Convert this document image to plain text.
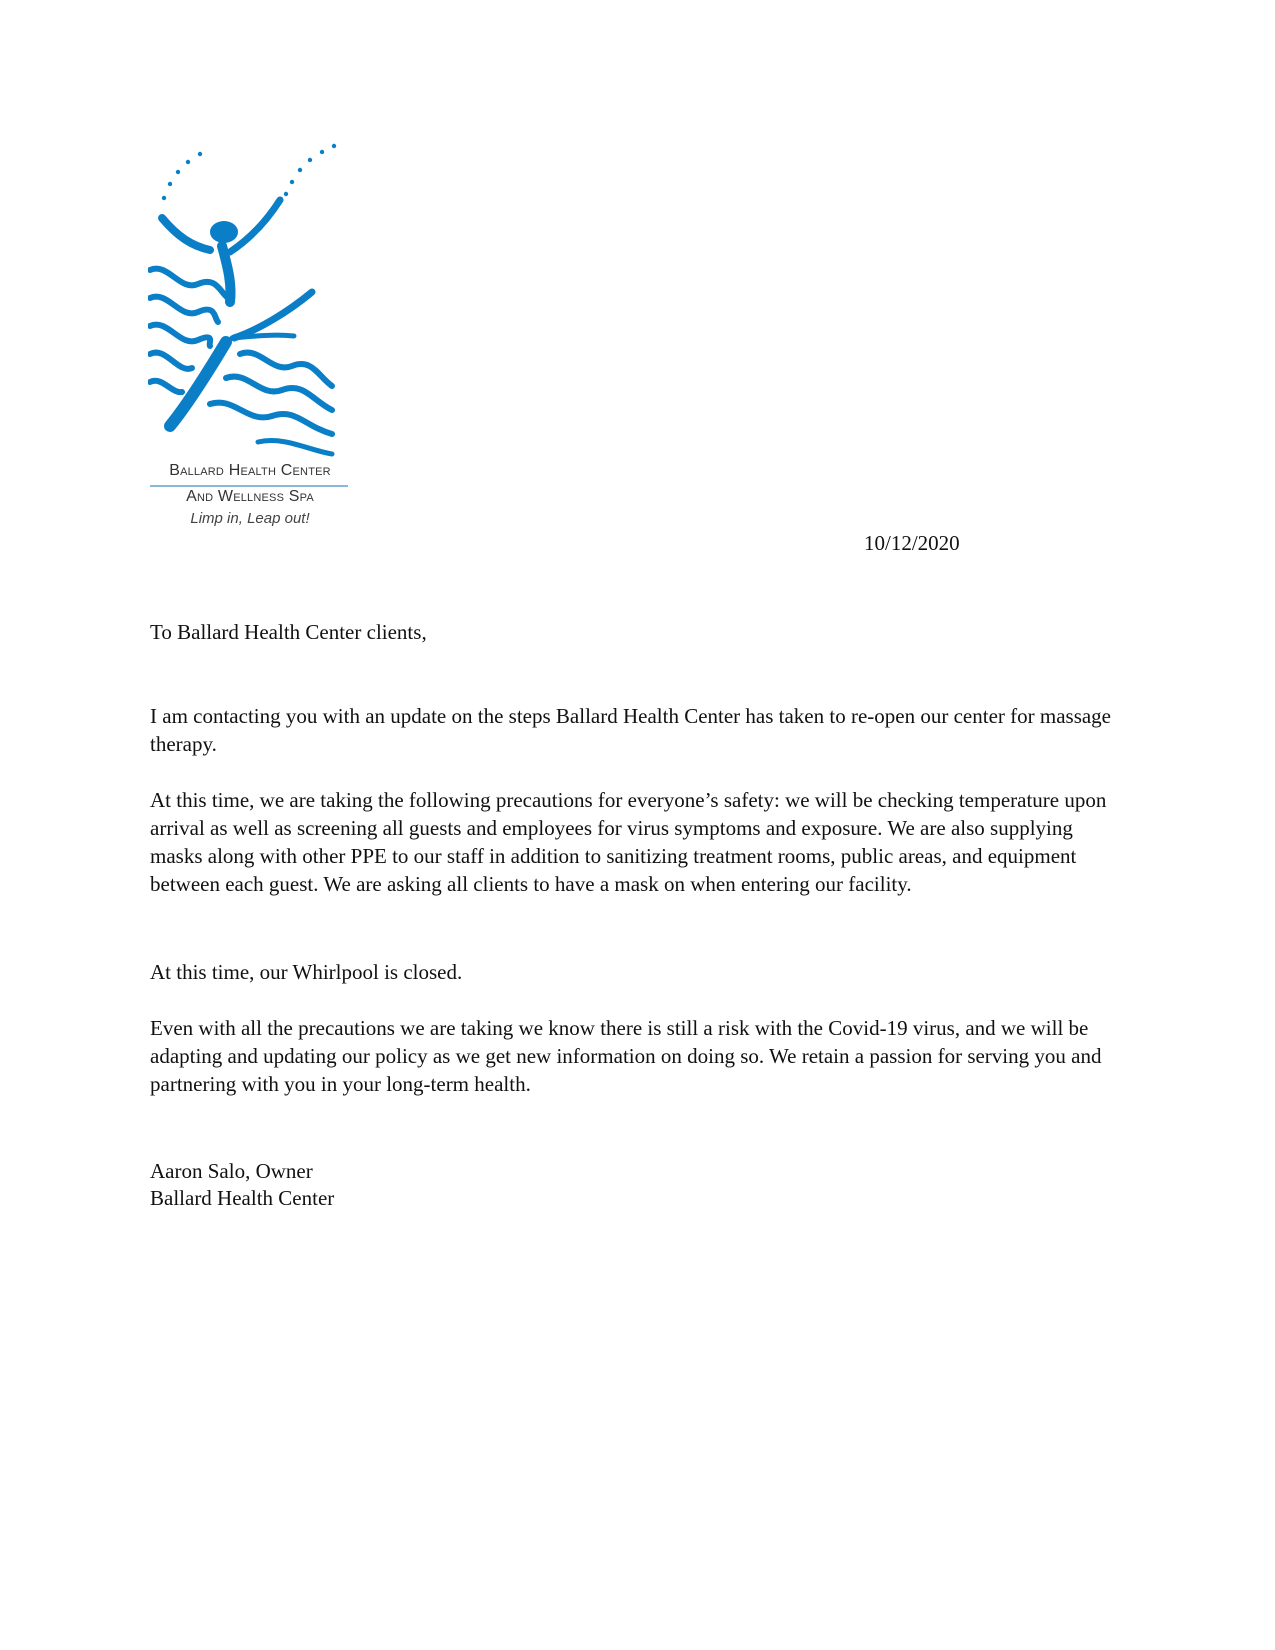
Ballard Health Center
And Wellness Spa
Limp in, Leap out!
10/12/2020

To Ballard Health Center clients,

I am contacting you with an update on the steps Ballard Health Center has taken to re-open our center for massage therapy.

At this time, we are taking the following precautions for everyone’s safety: we will be checking temperature upon arrival as well as screening all guests and employees for virus symptoms and exposure. We are also supplying masks along with other PPE to our staff in addition to sanitizing treatment rooms, public areas, and equipment between each guest. We are asking all clients to have a mask on when entering our facility.

At this time, our Whirlpool is closed.

Even with all the precautions we are taking we know there is still a risk with the Covid-19 virus, and we will be adapting and updating our policy as we get new information on doing so. We retain a passion for serving you and partnering with you in your long-term health.

Aaron Salo, Owner

Ballard Health Center
